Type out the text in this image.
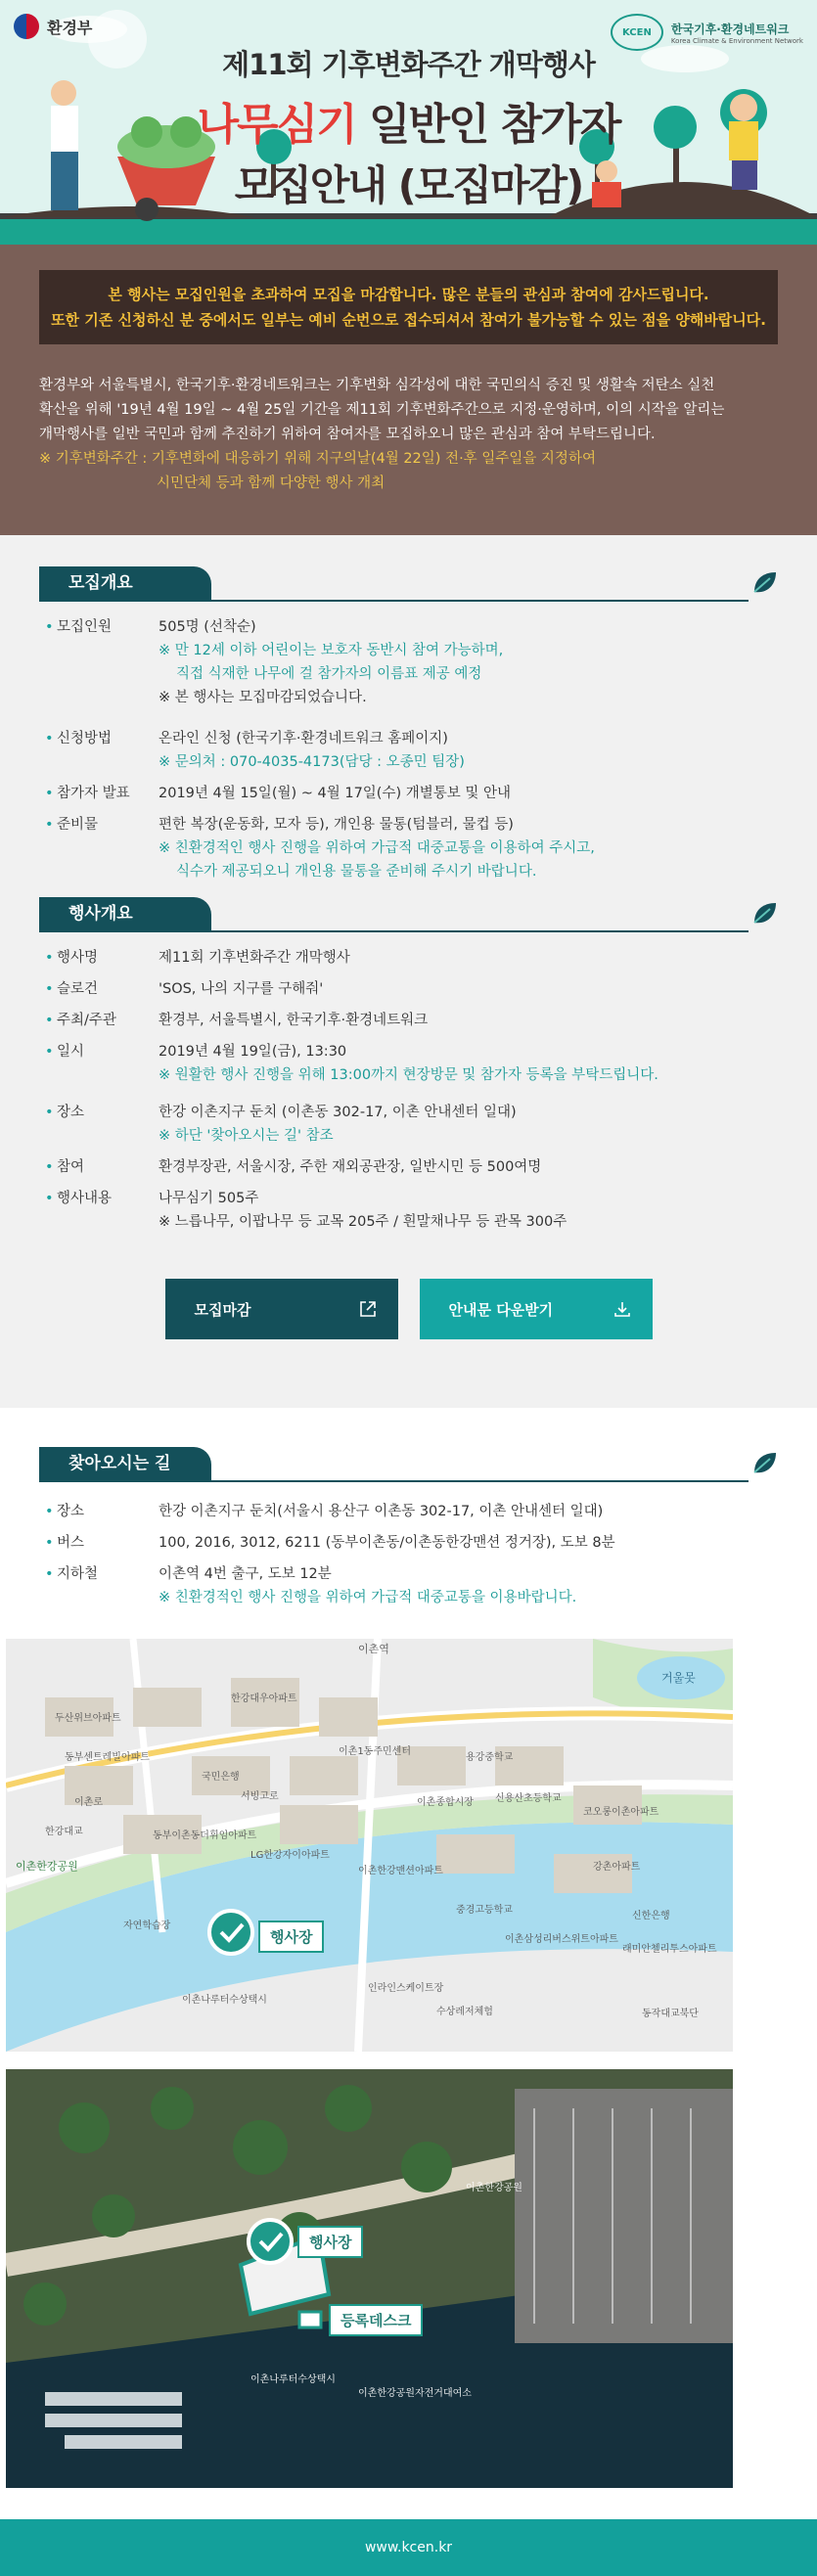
환경부	KCEN	한국기후·환경네트워크
Korea Climate & Environment Network
제11회 기후변화주간 개막행사
나무심기 일반인 참가자
모집안내 (모집마감)
본 행사는 모집인원을 초과하여 모집을 마감합니다. 많은 분들의 관심과 참여에 감사드립니다.
또한 기존 신청하신 분 중에서도 일부는 예비 순번으로 접수되셔서 참여가 불가능할 수 있는 점을 양해바랍니다.
환경부와 서울특별시, 한국기후·환경네트워크는 기후변화 심각성에 대한 국민의식 증진 및 생활속 저탄소 실천
확산을 위해 '19년 4월 19일 ~ 4월 25일 기간을 제11회 기후변화주간으로 지정·운영하며, 이의 시작을 알리는
개막행사를 일반 국민과 함께 추진하기 위하여 참여자를 모집하오니 많은 관심과 참여 부탁드립니다.
※ 기후변화주간 : 기후변화에 대응하기 위해 지구의날(4월 22일) 전·후 일주일을 지정하여
시민단체 등과 함께 다양한 행사 개최
모집개요
• 모집인원	505명 (선착순)
※ 만 12세 이하 어린이는 보호자 동반시 참여 가능하며,
직접 식재한 나무에 걸 참가자의 이름표 제공 예정
※ 본 행사는 모집마감되었습니다.
• 신청방법	온라인 신청 (한국기후·환경네트워크 홈페이지)
※ 문의처 : 070-4035-4173(담당 : 오종민 팀장)
• 참가자 발표	2019년 4월 15일(월) ~ 4월 17일(수) 개별통보 및 안내
• 준비물	편한 복장(운동화, 모자 등), 개인용 물통(텀블러, 물컵 등)
※ 친환경적인 행사 진행을 위하여 가급적 대중교통을 이용하여 주시고,
식수가 제공되오니 개인용 물통을 준비해 주시기 바랍니다.
행사개요
• 행사명	제11회 기후변화주간 개막행사
• 슬로건	'SOS, 나의 지구를 구해줘'
• 주최/주관	환경부, 서울특별시, 한국기후·환경네트워크
• 일시	2019년 4월 19일(금), 13:30
※ 원활한 행사 진행을 위해 13:00까지 현장방문 및 참가자 등록을 부탁드립니다.
• 장소	한강 이촌지구 둔치 (이촌동 302-17, 이촌 안내센터 일대)
※ 하단 '찾아오시는 길' 참조
• 참여	환경부장관, 서울시장, 주한 재외공관장, 일반시민 등 500여명
• 행사내용	나무심기 505주
※ 느릅나무, 이팝나무 등 교목 205주 / 흰말채나무 등 관목 300주
모집마감	안내문 다운받기
찾아오시는 길
• 장소	한강 이촌지구 둔치(서울시 용산구 이촌동 302-17, 이촌 안내센터 일대)
• 버스	100, 2016, 3012, 6211 (동부이촌동/이촌동한강맨션 정거장), 도보 8분
• 지하철	이촌역 4번 출구, 도보 12분
※ 친환경적인 행사 진행을 위하여 가급적 대중교통을 이용바랍니다.
이촌역
거울못
한강대우아파트
두산위브아파트
동부센트레빌아파트
국민은행
이촌1동주민센터
용강중학교
신용산초등학교
이촌종합시장
동부이촌동더휘임아파트
LG한강자이아파트
코오롱이촌아파트
강촌아파트
이촌한강맨션아파트
중경고등학교
신한은행
이촌삼성리버스위트아파트
래미안첼리투스아파트
이촌한강공원
자연학습장
이촌나루터수상택시
수상레저체험
인라인스케이트장
한강대교
동작대교북단
서빙고로
이촌로
행사장
이촌나루터수상택시
이촌한강공원자전거대여소
이촌한강공원
행사장
등록데스크
www.kcen.kr
